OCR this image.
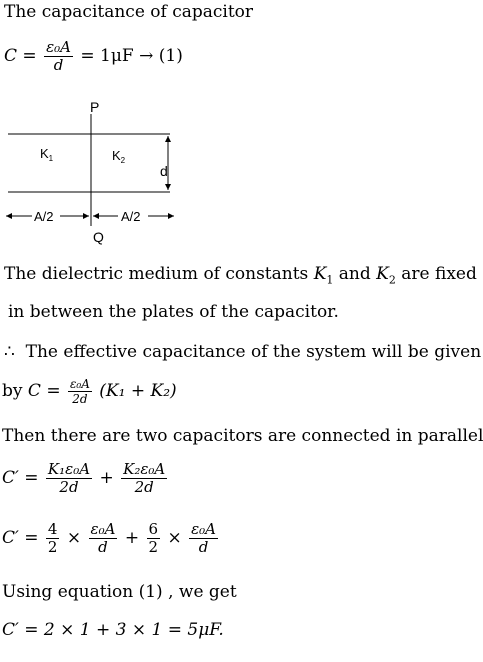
The capacitance of capacitor
$C = \frac{\text{ε₀A}}{d} = 1\mu F \to (1)$
P
Q
$K_1$	$K_2$
d
A/2	A/2
The dielectric medium of constants $K_1$ and $K_2$ are fixed
in between the plates of the capacitor.
∴ The effective capacitance of the system will be given
by $C = \frac{\text{ε₀A}}{2d} (K_1 + K_2)$
Then there are two capacitors are connected in parallel
$C' = \frac{\text{K₁ε₀A}}{2d} + \frac{\text{K₂ε₀A}}{2d}$
$C' = \frac{4}{2} \times \frac{\text{ε₀A}}{d} + \frac{6}{2} \times \frac{\text{ε₀A}}{d}$
Using equation (1) , we get
C′ = 2 × 1 + 3 × 1 = 5μF.
